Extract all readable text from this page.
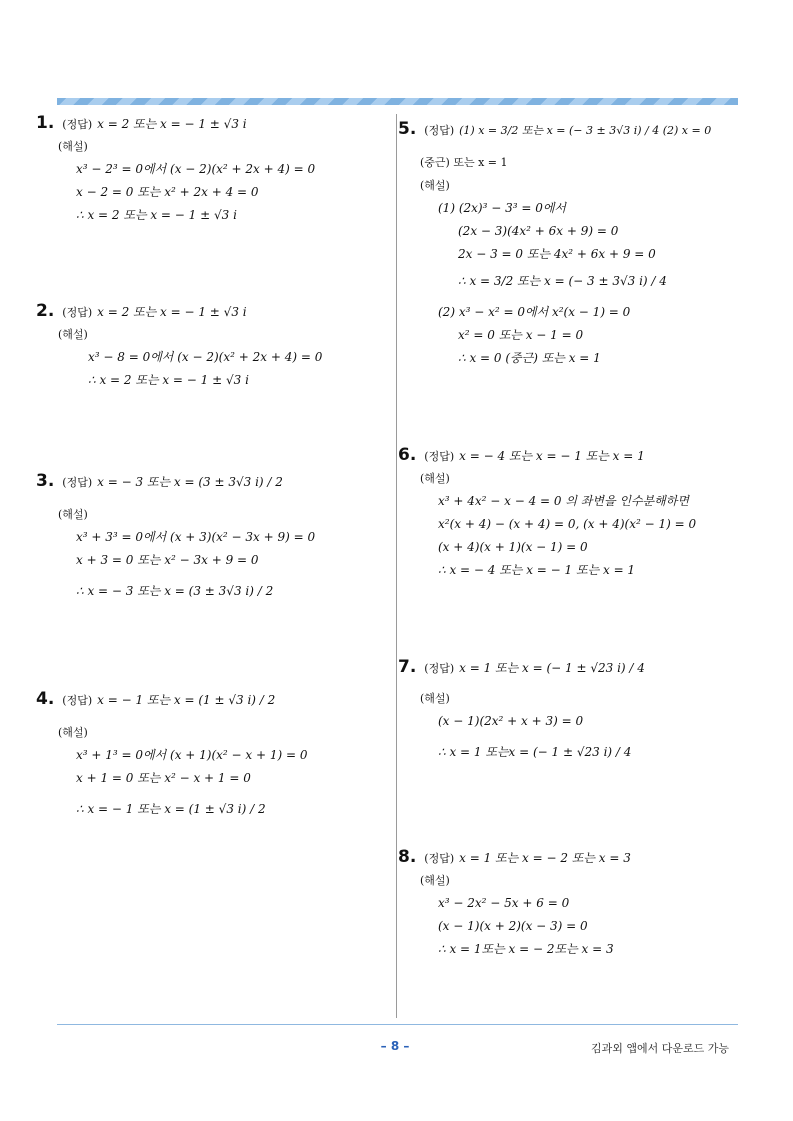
1. (정답) x = 2 또는 x = − 1 ± √3 i
(해설)
x³ − 2³ = 0에서 (x − 2)(x² + 2x + 4) = 0
x − 2 = 0 또는 x² + 2x + 4 = 0
∴ x = 2 또는 x = − 1 ± √3 i
2. (정답) x = 2 또는 x = − 1 ± √3 i
(해설)
x³ − 8 = 0에서 (x − 2)(x² + 2x + 4) = 0
∴ x = 2 또는 x = − 1 ± √3 i
3. (정답) x = − 3 또는 x = (3 ± 3√3 i) / 2
(해설)
x³ + 3³ = 0에서 (x + 3)(x² − 3x + 9) = 0
x + 3 = 0 또는 x² − 3x + 9 = 0
∴ x = − 3 또는 x = (3 ± 3√3 i) / 2
4. (정답) x = − 1 또는 x = (1 ± √3 i) / 2
(해설)
x³ + 1³ = 0에서 (x + 1)(x² − x + 1) = 0
x + 1 = 0 또는 x² − x + 1 = 0
∴ x = − 1 또는 x = (1 ± √3 i) / 2
5. (정답) (1) x = 3/2 또는 x = (− 3 ± 3√3 i) / 4 (2) x = 0
(중근) 또는 x = 1
(해설)
(1) (2x)³ − 3³ = 0에서
(2x − 3)(4x² + 6x + 9) = 0
2x − 3 = 0 또는 4x² + 6x + 9 = 0
∴ x = 3/2 또는 x = (− 3 ± 3√3 i) / 4
(2) x³ − x² = 0에서 x²(x − 1) = 0
x² = 0 또는 x − 1 = 0
∴ x = 0 (중근) 또는 x = 1
6. (정답) x = − 4 또는 x = − 1 또는 x = 1
(해설)
x³ + 4x² − x − 4 = 0 의 좌변을 인수분해하면
x²(x + 4) − (x + 4) = 0, (x + 4)(x² − 1) = 0
(x + 4)(x + 1)(x − 1) = 0
∴ x = − 4 또는 x = − 1 또는 x = 1
7. (정답) x = 1 또는 x = (− 1 ± √23 i) / 4
(해설)
(x − 1)(2x² + x + 3) = 0
∴ x = 1 또는x = (− 1 ± √23 i) / 4
8. (정답) x = 1 또는 x = − 2 또는 x = 3
(해설)
x³ − 2x² − 5x + 6 = 0
(x − 1)(x + 2)(x − 3) = 0
∴ x = 1또는 x = − 2또는 x = 3
– 8 –	김과외 앱에서 다운로드 가능
